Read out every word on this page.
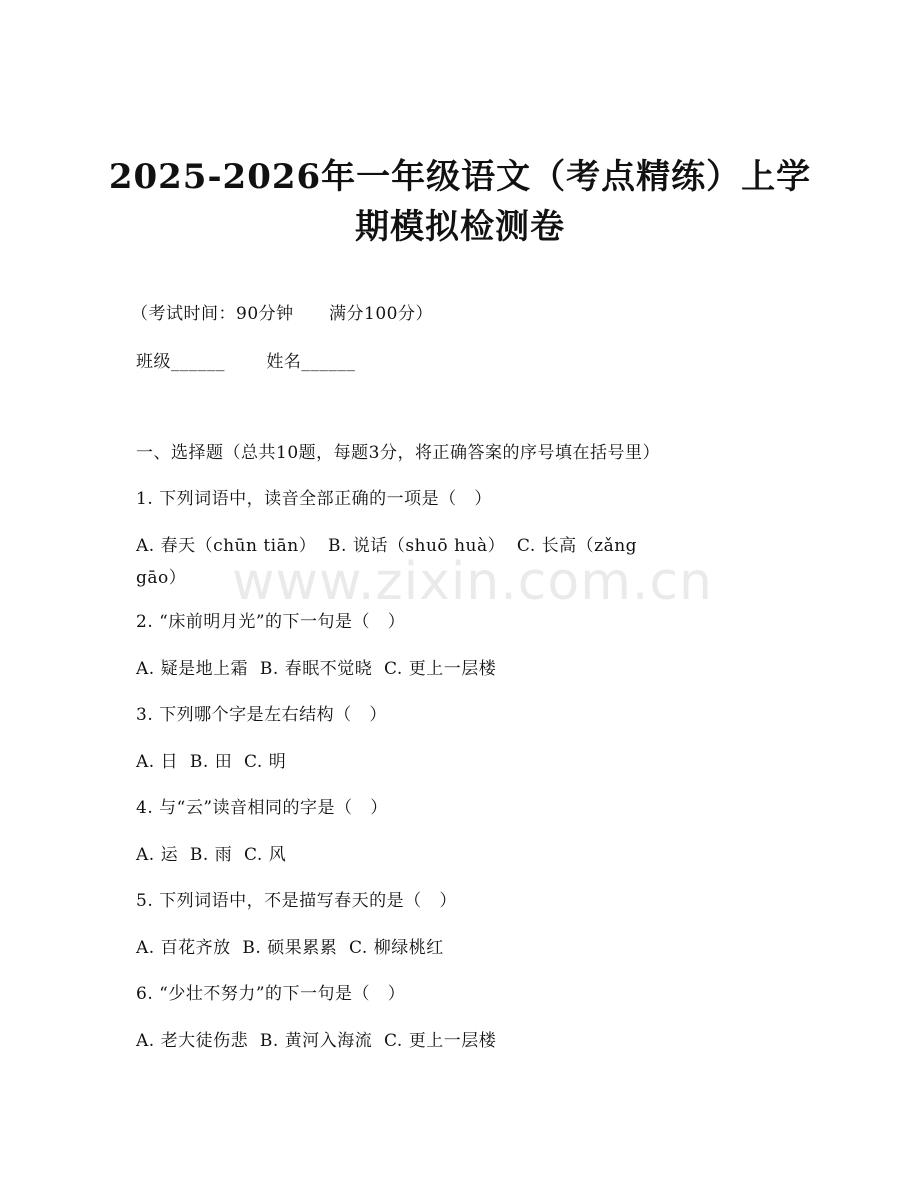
2025-2026年一年级语文（考点精练）上学
期模拟检测卷
（考试时间：90分钟      满分100分）
班级______       姓名______
一、选择题（总共10题，每题3分，将正确答案的序号填在括号里）
1. 下列词语中，读音全部正确的一项是（   ）
A. 春天（chūn tiān）  B. 说话（shuō huà）  C. 长高（zǎng
gāo）
2. “床前明月光”的下一句是（   ）
A. 疑是地上霜  B. 春眠不觉晓  C. 更上一层楼
3. 下列哪个字是左右结构（   ）
A. 日  B. 田  C. 明
4. 与“云”读音相同的字是（   ）
A. 运  B. 雨  C. 风
5. 下列词语中，不是描写春天的是（   ）
A. 百花齐放  B. 硕果累累  C. 柳绿桃红
6. “少壮不努力”的下一句是（   ）
A. 老大徒伤悲  B. 黄河入海流  C. 更上一层楼
www.zixin.com.cn
